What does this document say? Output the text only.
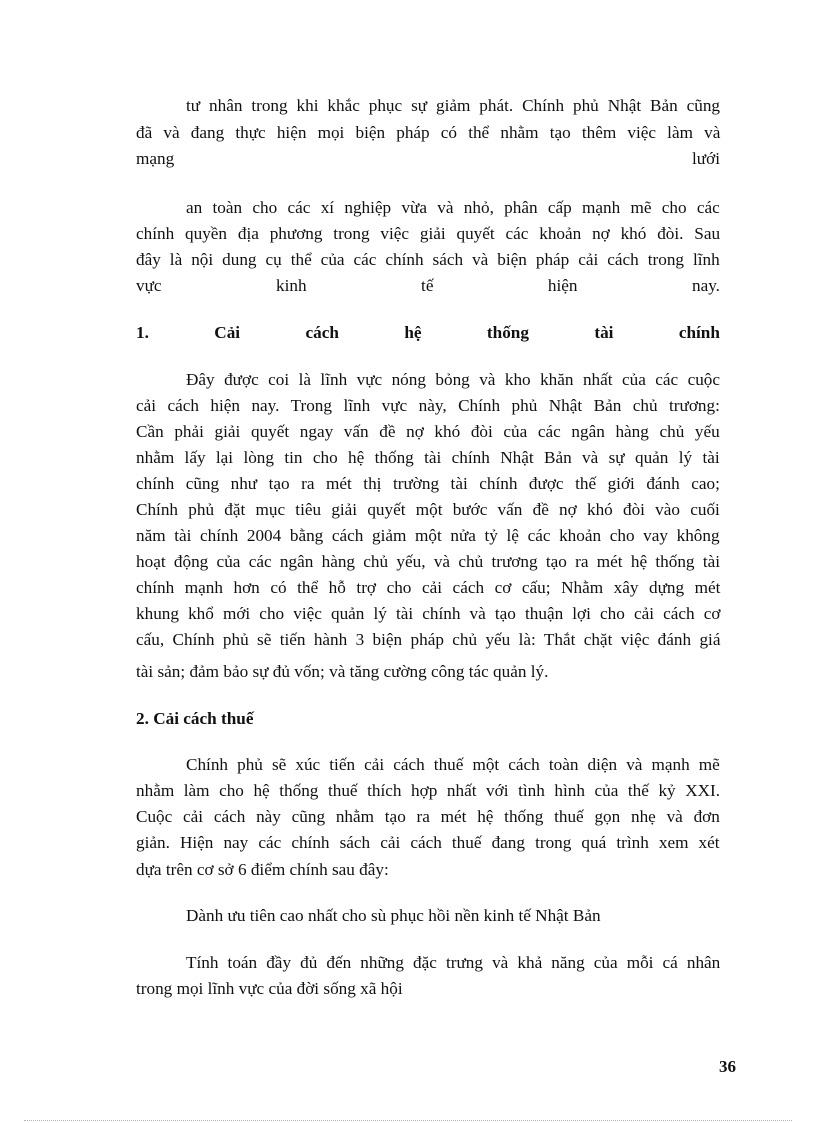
tư nhân trong khi khắc phục sự giảm phát. Chính phủ Nhật Bản cũng
đã và đang thực hiện mọi biện pháp có thể nhằm tạo thêm việc làm và
mạng	lưới
an toàn cho các xí nghiệp vừa và nhỏ, phân cấp mạnh mẽ cho các
chính quyền địa phương trong việc giải quyết các khoản nợ khó đòi. Sau
đây là nội dung cụ thể của các chính sách và biện pháp cải cách trong lĩnh
vực	kinh	tế	hiện	nay.
1.	Cải	cách	hệ	thống	tài	chính
Đây được coi là lĩnh vực nóng bỏng và kho khăn nhất của các cuộc
cải cách hiện nay. Trong lĩnh vực này, Chính phủ Nhật Bản chủ trương:
Cần phải giải quyết ngay vấn đề nợ khó đòi của các ngân hàng chủ yếu
nhằm lấy lại lòng tin cho hệ thống tài chính Nhật Bản và sự quản lý tài
chính cũng như tạo ra mét thị trường tài chính được thế giới đánh cao;
Chính phủ đặt mục tiêu giải quyết một bước vấn đề nợ khó đòi vào cuối
năm tài chính 2004 bằng cách giảm một nửa tỷ lệ các khoản cho vay không
hoạt động của các ngân hàng chủ yếu, và chủ trương tạo ra mét hệ thống tài
chính mạnh hơn có thể hỗ trợ cho cải cách cơ cấu; Nhằm xây dựng mét
khung khổ mới cho việc quản lý tài chính và tạo thuận lợi cho cải cách cơ
cấu, Chính phủ sẽ tiến hành 3 biện pháp chủ yếu là: Thắt chặt việc đánh giá
tài sản; đảm bảo sự đủ vốn; và tăng cường công tác quản lý.
2. Cải cách thuế
Chính phủ sẽ xúc tiến cải cách thuế một cách toàn diện và mạnh mẽ
nhằm làm cho hệ thống thuế thích hợp nhất với tình hình của thế kỷ XXI.
Cuộc cải cách này cũng nhằm tạo ra mét hệ thống thuế gọn nhẹ và đơn
giản. Hiện nay các chính sách cải cách thuế đang trong quá trình xem xét
dựa trên cơ sở 6 điểm chính sau đây:
Dành ưu tiên cao nhất cho sù phục hồi nền kinh tế Nhật Bản
Tính toán đầy đủ đến những đặc trưng và khả năng của mỗi cá nhân
trong mọi lĩnh vực của đời sống xã hội
36
